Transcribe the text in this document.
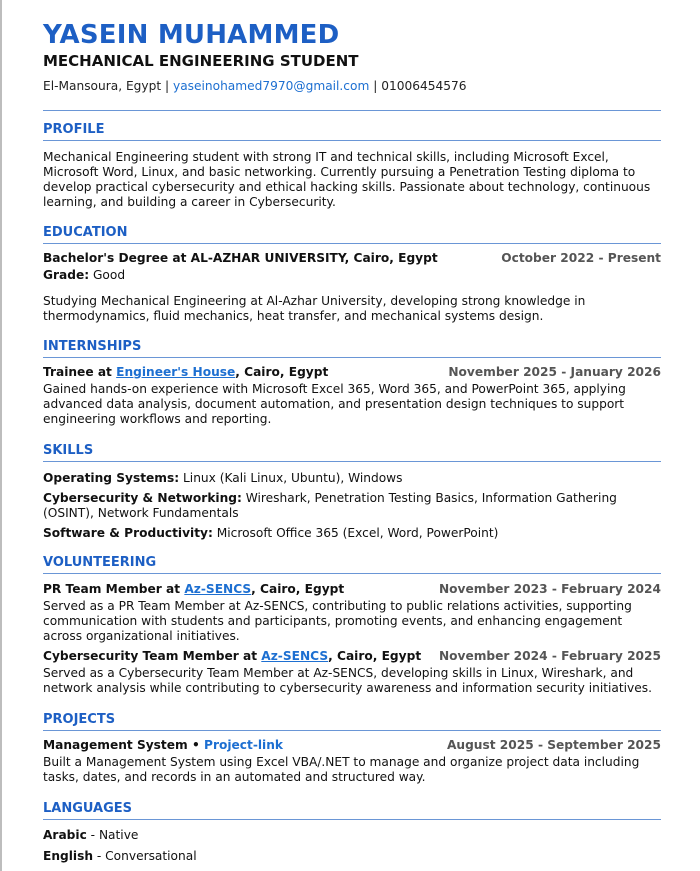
YASEIN MUHAMMED
MECHANICAL ENGINEERING STUDENT
El-Mansoura, Egypt | yaseinohamed7970@gmail.com | 01006454576
PROFILE
Mechanical Engineering student with strong IT and technical skills, including Microsoft Excel, Microsoft Word, Linux, and basic networking. Currently pursuing a Penetration Testing diploma to develop practical cybersecurity and ethical hacking skills. Passionate about technology, continuous learning, and building a career in Cybersecurity.
EDUCATION
Bachelor's Degree at AL-AZHAR UNIVERSITY, Cairo, Egypt	October 2022 - Present
Grade: Good
Studying Mechanical Engineering at Al-Azhar University, developing strong knowledge in thermodynamics, fluid mechanics, heat transfer, and mechanical systems design.
INTERNSHIPS
Trainee at Engineer's House, Cairo, Egypt	November 2025 - January 2026
Gained hands-on experience with Microsoft Excel 365, Word 365, and PowerPoint 365, applying advanced data analysis, document automation, and presentation design techniques to support engineering workflows and reporting.
SKILLS
Operating Systems: Linux (Kali Linux, Ubuntu), Windows
Cybersecurity & Networking: Wireshark, Penetration Testing Basics, Information Gathering (OSINT), Network Fundamentals
Software & Productivity: Microsoft Office 365 (Excel, Word, PowerPoint)
VOLUNTEERING
PR Team Member at Az-SENCS, Cairo, Egypt	November 2023 - February 2024
Served as a PR Team Member at Az-SENCS, contributing to public relations activities, supporting communication with students and participants, promoting events, and enhancing engagement across organizational initiatives.
Cybersecurity Team Member at Az-SENCS, Cairo, Egypt November 2024 - February 2025
Served as a Cybersecurity Team Member at Az-SENCS, developing skills in Linux, Wireshark, and network analysis while contributing to cybersecurity awareness and information security initiatives.
PROJECTS
Management System • Project-link	August 2025 - September 2025
Built a Management System using Excel VBA/.NET to manage and organize project data including tasks, dates, and records in an automated and structured way.
LANGUAGES
Arabic - Native
English - Conversational
